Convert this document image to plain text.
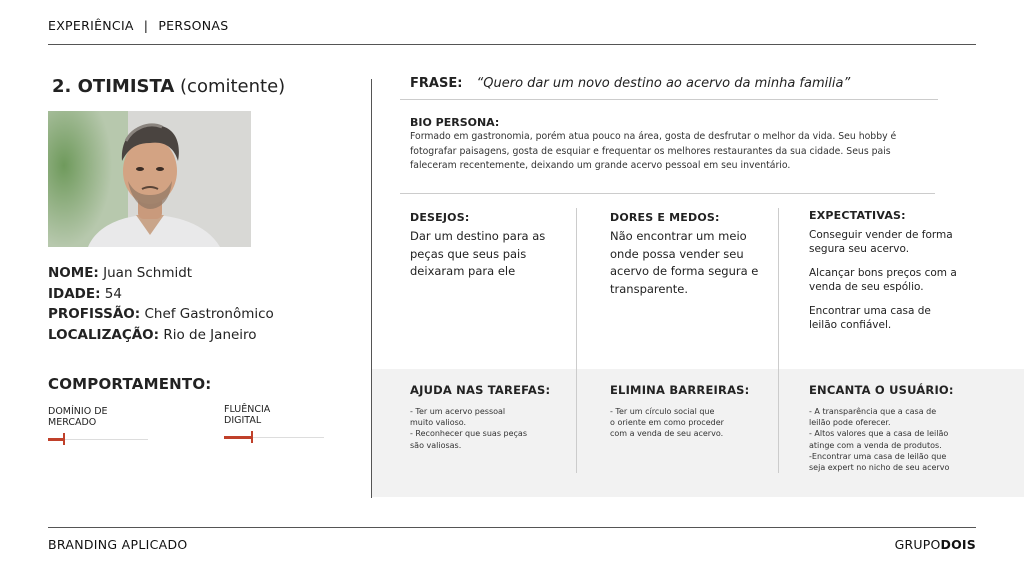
EXPERIÊNCIA | PERSONAS
2. OTIMISTA (comitente)
NOME: Juan Schmidt
IDADE: 54
PROFISSÃO: Chef Gastronômico
LOCALIZAÇÃO: Rio de Janeiro
COMPORTAMENTO:
DOMÍNIO DE
MERCADO
FLUÊNCIA
DIGITAL
FRASE: “Quero dar um novo destino ao acervo da minha familia”
BIO PERSONA:
Formado em gastronomia, porém atua pouco na área, gosta de desfrutar o melhor da vida. Seu hobby é fotografar paisagens, gosta de esquiar e frequentar os melhores restaurantes da sua cidade. Seus pais faleceram recentemente, deixando um grande acervo pessoal em seu inventário.
DESEJOS:
Dar um destino para as peças que seus pais deixaram para ele
DORES E MEDOS:
Não encontrar um meio onde possa vender seu acervo de forma segura e transparente.
EXPECTATIVAS:

Conseguir vender de forma segura seu acervo.

Alcançar bons preços com a venda de seu espólio.

Encontrar uma casa de leilão confiável.

AJUDA NAS TAREFAS:
- Ter um acervo pessoal
muito valioso.
- Reconhecer que suas peças
são valiosas.
ELIMINA BARREIRAS:
- Ter um círculo social que
o oriente em como proceder
com a venda de seu acervo.
ENCANTA O USUÁRIO:
- A transparência que a casa de
leilão pode oferecer.
- Altos valores que a casa de leilão
atinge com a venda de produtos.
-Encontrar uma casa de leilão que
seja expert no nicho de seu acervo
BRANDING APLICADO	GRUPODOIS
